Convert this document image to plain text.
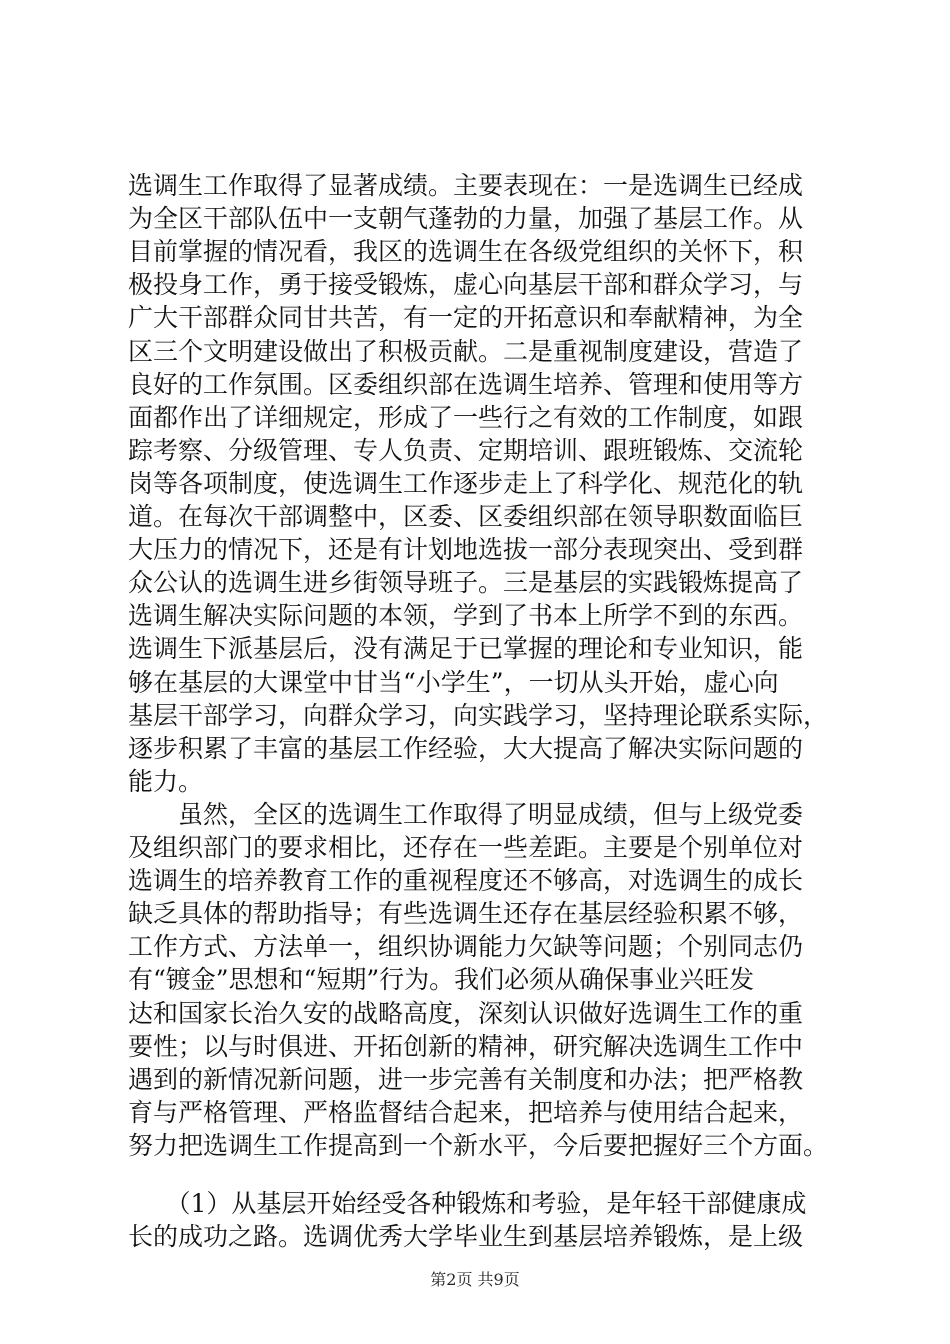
选调生工作取得了显著成绩。主要表现在：一是选调生已经成
为全区干部队伍中一支朝气蓬勃的力量，加强了基层工作。从
目前掌握的情况看，我区的选调生在各级党组织的关怀下，积
极投身工作，勇于接受锻炼，虚心向基层干部和群众学习，与
广大干部群众同甘共苦，有一定的开拓意识和奉献精神，为全
区三个文明建设做出了积极贡献。二是重视制度建设，营造了
良好的工作氛围。区委组织部在选调生培养、管理和使用等方
面都作出了详细规定，形成了一些行之有效的工作制度，如跟
踪考察、分级管理、专人负责、定期培训、跟班锻炼、交流轮
岗等各项制度，使选调生工作逐步走上了科学化、规范化的轨
道。在每次干部调整中，区委、区委组织部在领导职数面临巨
大压力的情况下，还是有计划地选拔一部分表现突出、受到群
众公认的选调生进乡街领导班子。三是基层的实践锻炼提高了
选调生解决实际问题的本领，学到了书本上所学不到的东西。
选调生下派基层后，没有满足于已掌握的理论和专业知识，能
够在基层的大课堂中甘当“小学生”，一切从头开始，虚心向
基层干部学习，向群众学习，向实践学习，坚持理论联系实际，
逐步积累了丰富的基层工作经验，大大提高了解决实际问题的
能力。
　　虽然，全区的选调生工作取得了明显成绩，但与上级党委
及组织部门的要求相比，还存在一些差距。主要是个别单位对
选调生的培养教育工作的重视程度还不够高，对选调生的成长
缺乏具体的帮助指导；有些选调生还存在基层经验积累不够，
工作方式、方法单一，组织协调能力欠缺等问题；个别同志仍
有“镀金”思想和“短期”行为。我们必须从确保事业兴旺发
达和国家长治久安的战略高度，深刻认识做好选调生工作的重
要性；以与时俱进、开拓创新的精神，研究解决选调生工作中
遇到的新情况新问题，进一步完善有关制度和办法；把严格教
育与严格管理、严格监督结合起来，把培养与使用结合起来，
努力把选调生工作提高到一个新水平，今后要把握好三个方面。
　　（1）从基层开始经受各种锻炼和考验，是年轻干部健康成
长的成功之路。选调优秀大学毕业生到基层培养锻炼，是上级
第2页 共9页
